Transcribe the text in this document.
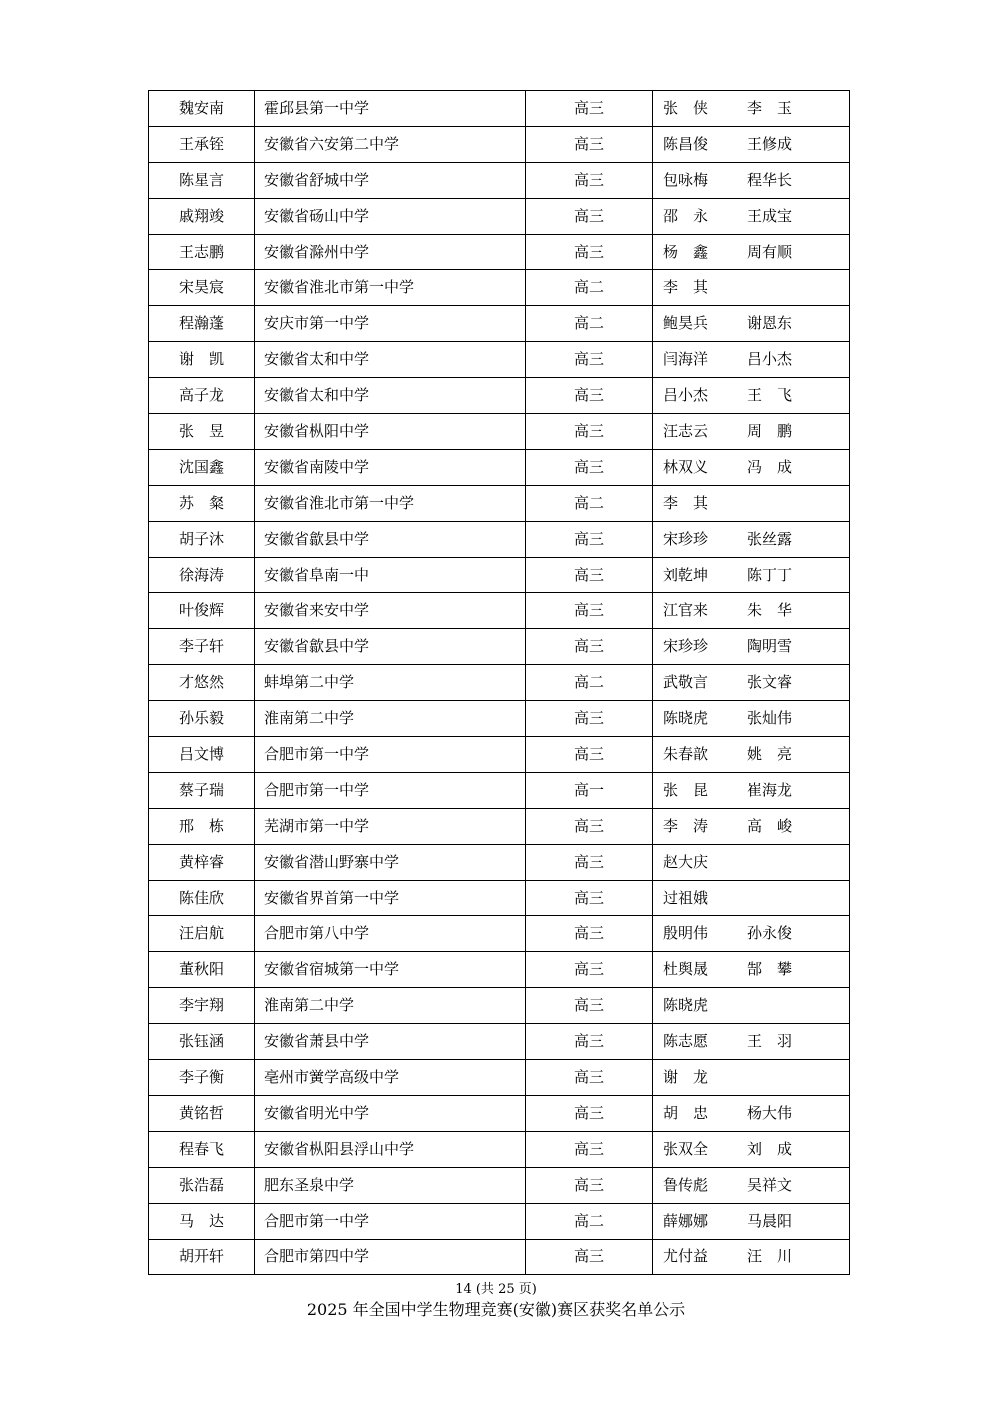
魏安南	霍邱县第一中学	高三	张　侠 李　玉
王承铚	安徽省六安第二中学	高三	陈昌俊 王修成
陈星言	安徽省舒城中学	高三	包咏梅 程华长
戚翔竣	安徽省砀山中学	高三	邵　永 王成宝
王志鹏	安徽省滁州中学	高三	杨　鑫 周有顺
宋昊宸	安徽省淮北市第一中学	高二	李　其
程瀚蓬	安庆市第一中学	高二	鲍昊兵 谢恩东
谢　凯	安徽省太和中学	高三	闫海洋 吕小杰
高子龙	安徽省太和中学	高三	吕小杰 王　飞
张　昱	安徽省枞阳中学	高三	汪志云 周　鹏
沈国鑫	安徽省南陵中学	高三	林双义 冯　成
苏　粲	安徽省淮北市第一中学	高二	李　其
胡子沐	安徽省歙县中学	高三	宋珍珍 张丝露
徐海涛	安徽省阜南一中	高三	刘乾坤 陈丁丁
叶俊辉	安徽省来安中学	高三	江官来 朱　华
李子轩	安徽省歙县中学	高三	宋珍珍 陶明雪
才悠然	蚌埠第二中学	高二	武敬言 张文睿
孙乐毅	淮南第二中学	高三	陈晓虎 张灿伟
吕文博	合肥市第一中学	高三	朱春歆 姚　亮
蔡子瑞	合肥市第一中学	高一	张　昆 崔海龙
邢　栋	芜湖市第一中学	高三	李　涛 高　峻
黄梓睿	安徽省潜山野寨中学	高三	赵大庆
陈佳欣	安徽省界首第一中学	高三	过祖娥
汪启航	合肥市第八中学	高三	殷明伟 孙永俊
董秋阳	安徽省宿城第一中学	高三	杜舆晟 郜　攀
李宇翔	淮南第二中学	高三	陈晓虎
张钰涵	安徽省萧县中学	高三	陈志愿 王　羽
李子衡	亳州市黉学高级中学	高三	谢　龙
黄铭哲	安徽省明光中学	高三	胡　忠 杨大伟
程春飞	安徽省枞阳县浮山中学	高三	张双全 刘　成
张浩磊	肥东圣泉中学	高三	鲁传彪 吴祥文
马　达	合肥市第一中学	高二	薛娜娜 马晨阳
胡开轩	合肥市第四中学	高三	尤付益 汪　川
14 (共 25 页)
2025 年全国中学生物理竞赛(安徽)赛区获奖名单公示
